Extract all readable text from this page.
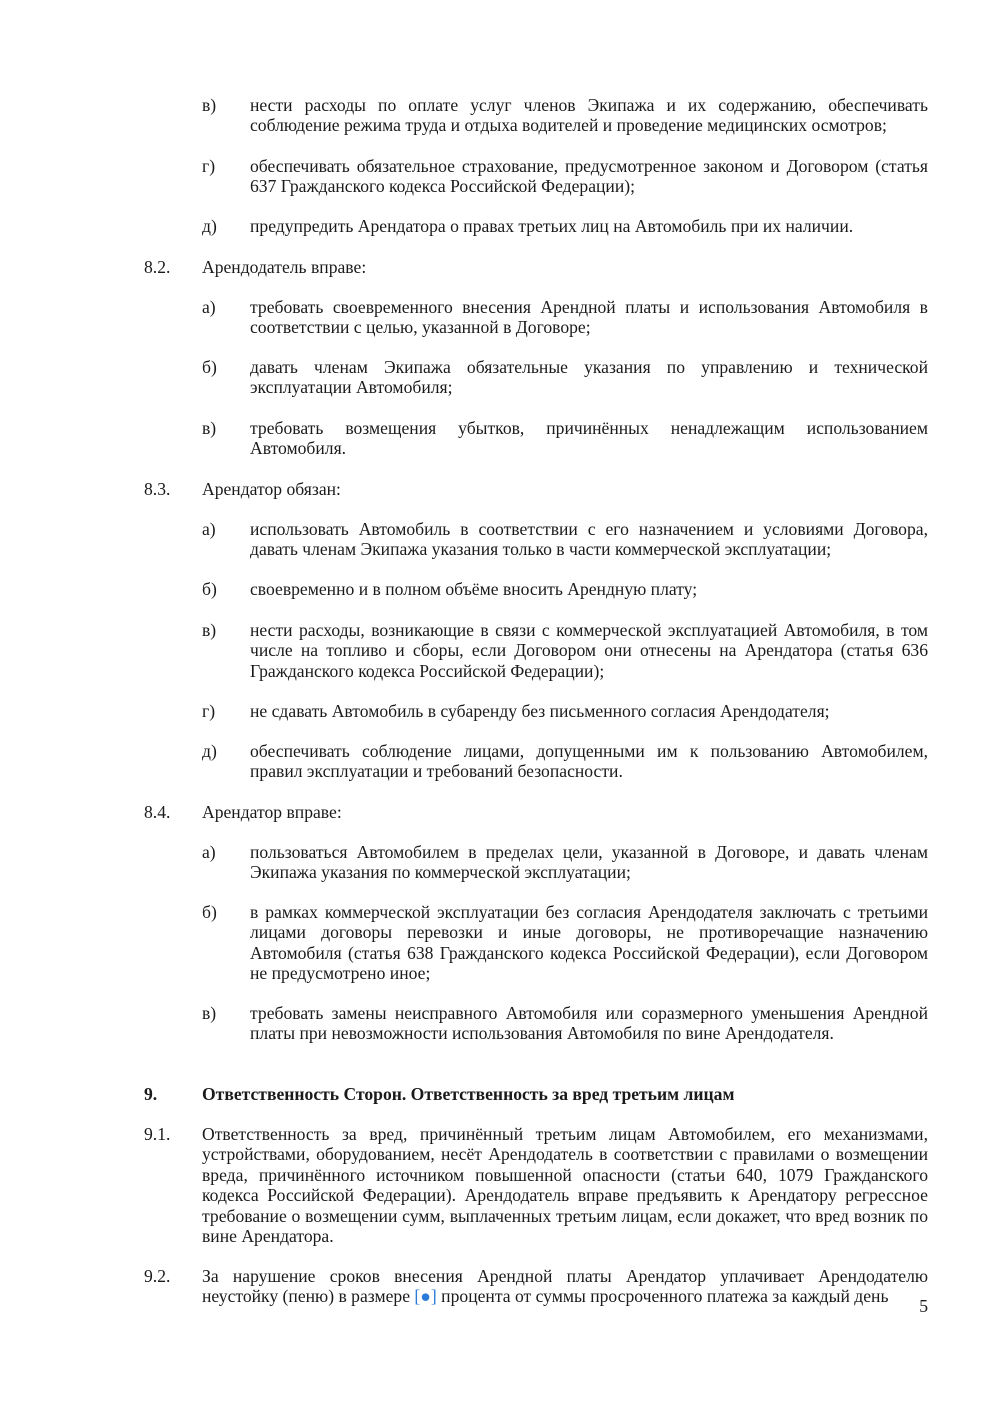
в) нести расходы по оплате услуг членов Экипажа и их содержанию, обеспечивать соблюдение режима труда и отдыха водителей и проведение медицинских осмотров;
г) обеспечивать обязательное страхование, предусмотренное законом и Договором (статья 637 Гражданского кодекса Российской Федерации);
д) предупредить Арендатора о правах третьих лиц на Автомобиль при их наличии.
8.2. Арендодатель вправе:
а) требовать своевременного внесения Арендной платы и использования Автомобиля в соответствии с целью, указанной в Договоре;
б) давать членам Экипажа обязательные указания по управлению и технической эксплуатации Автомобиля;
в) требовать возмещения убытков, причинённых ненадлежащим использованием Автомобиля.
8.3. Арендатор обязан:
а) использовать Автомобиль в соответствии с его назначением и условиями Договора, давать членам Экипажа указания только в части коммерческой эксплуатации;
б) своевременно и в полном объёме вносить Арендную плату;
в) нести расходы, возникающие в связи с коммерческой эксплуатацией Автомобиля, в том числе на топливо и сборы, если Договором они отнесены на Арендатора (статья 636 Гражданского кодекса Российской Федерации);
г) не сдавать Автомобиль в субаренду без письменного согласия Арендодателя;
д) обеспечивать соблюдение лицами, допущенными им к пользованию Автомобилем, правил эксплуатации и требований безопасности.
8.4. Арендатор вправе:
а) пользоваться Автомобилем в пределах цели, указанной в Договоре, и давать членам Экипажа указания по коммерческой эксплуатации;
б) в рамках коммерческой эксплуатации без согласия Арендодателя заключать с третьими лицами договоры перевозки и иные договоры, не противоречащие назначению Автомобиля (статья 638 Гражданского кодекса Российской Федерации), если Договором не предусмотрено иное;
в) требовать замены неисправного Автомобиля или соразмерного уменьшения Арендной платы при невозможности использования Автомобиля по вине Арендодателя.
9.	Ответственность Сторон. Ответственность за вред третьим лицам
9.1. Ответственность за вред, причинённый третьим лицам Автомобилем, его механизмами, устройствами, оборудованием, несёт Арендодатель в соответствии с правилами о возмещении вреда, причинённого источником повышенной опасности (статьи 640, 1079 Гражданского кодекса Российской Федерации). Арендодатель вправе предъявить к Арендатору регрессное требование о возмещении сумм, выплаченных третьим лицам, если докажет, что вред возник по вине Арендатора.
9.2. За нарушение сроков внесения Арендной платы Арендатор уплачивает Арендодателю неустойку (пеню) в размере [●] процента от суммы просроченного платежа за каждый день	5
